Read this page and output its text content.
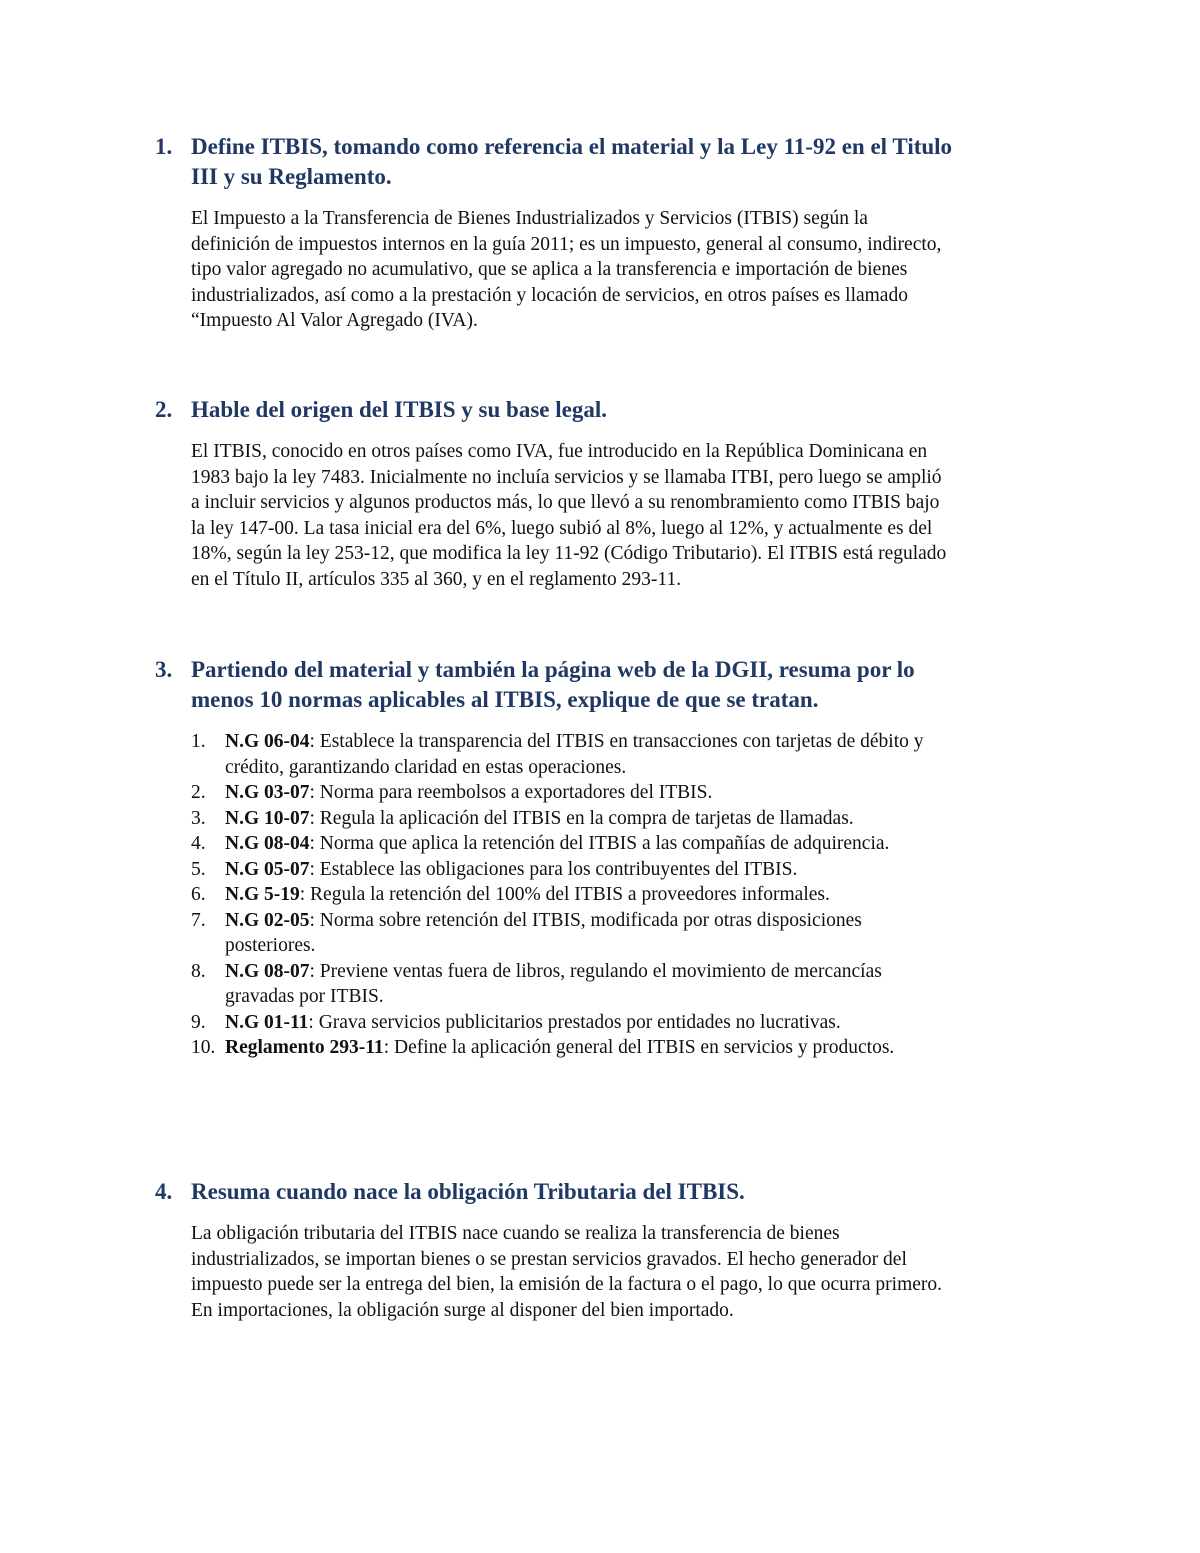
1. Define ITBIS, tomando como referencia el material y la Ley 11-92 en el Titulo III y su Reglamento.

El Impuesto a la Transferencia de Bienes Industrializados y Servicios (ITBIS) según la definición de impuestos internos en la guía 2011; es un impuesto, general al consumo, indirecto, tipo valor agregado no acumulativo, que se aplica a la transferencia e importación de bienes industrializados, así como a la prestación y locación de servicios, en otros países es llamado “Impuesto Al Valor Agregado (IVA).

2. Hable del origen del ITBIS y su base legal.

El ITBIS, conocido en otros países como IVA, fue introducido en la República Dominicana en 1983 bajo la ley 7483. Inicialmente no incluía servicios y se llamaba ITBI, pero luego se amplió a incluir servicios y algunos productos más, lo que llevó a su renombramiento como ITBIS bajo la ley 147-00. La tasa inicial era del 6%, luego subió al 8%, luego al 12%, y actualmente es del 18%, según la ley 253-12, que modifica la ley 11-92 (Código Tributario). El ITBIS está regulado en el Título II, artículos 335 al 360, y en el reglamento 293-11.

3. Partiendo del material y también la página web de la DGII, resuma por lo menos 10 normas aplicables al ITBIS, explique de que se tratan.
1. N.G 06-04: Establece la transparencia del ITBIS en transacciones con tarjetas de débito y crédito, garantizando claridad en estas operaciones.
2. N.G 03-07: Norma para reembolsos a exportadores del ITBIS.
3. N.G 10-07: Regula la aplicación del ITBIS en la compra de tarjetas de llamadas.
4. N.G 08-04: Norma que aplica la retención del ITBIS a las compañías de adquirencia.
5. N.G 05-07: Establece las obligaciones para los contribuyentes del ITBIS.
6. N.G 5-19: Regula la retención del 100% del ITBIS a proveedores informales.
7. N.G 02-05: Norma sobre retención del ITBIS, modificada por otras disposiciones posteriores.
8. N.G 08-07: Previene ventas fuera de libros, regulando el movimiento de mercancías gravadas por ITBIS.
9. N.G 01-11: Grava servicios publicitarios prestados por entidades no lucrativas.
10. Reglamento 293-11: Define la aplicación general del ITBIS en servicios y productos.
4. Resuma cuando nace la obligación Tributaria del ITBIS.

La obligación tributaria del ITBIS nace cuando se realiza la transferencia de bienes industrializados, se importan bienes o se prestan servicios gravados. El hecho generador del impuesto puede ser la entrega del bien, la emisión de la factura o el pago, lo que ocurra primero. En importaciones, la obligación surge al disponer del bien importado.
